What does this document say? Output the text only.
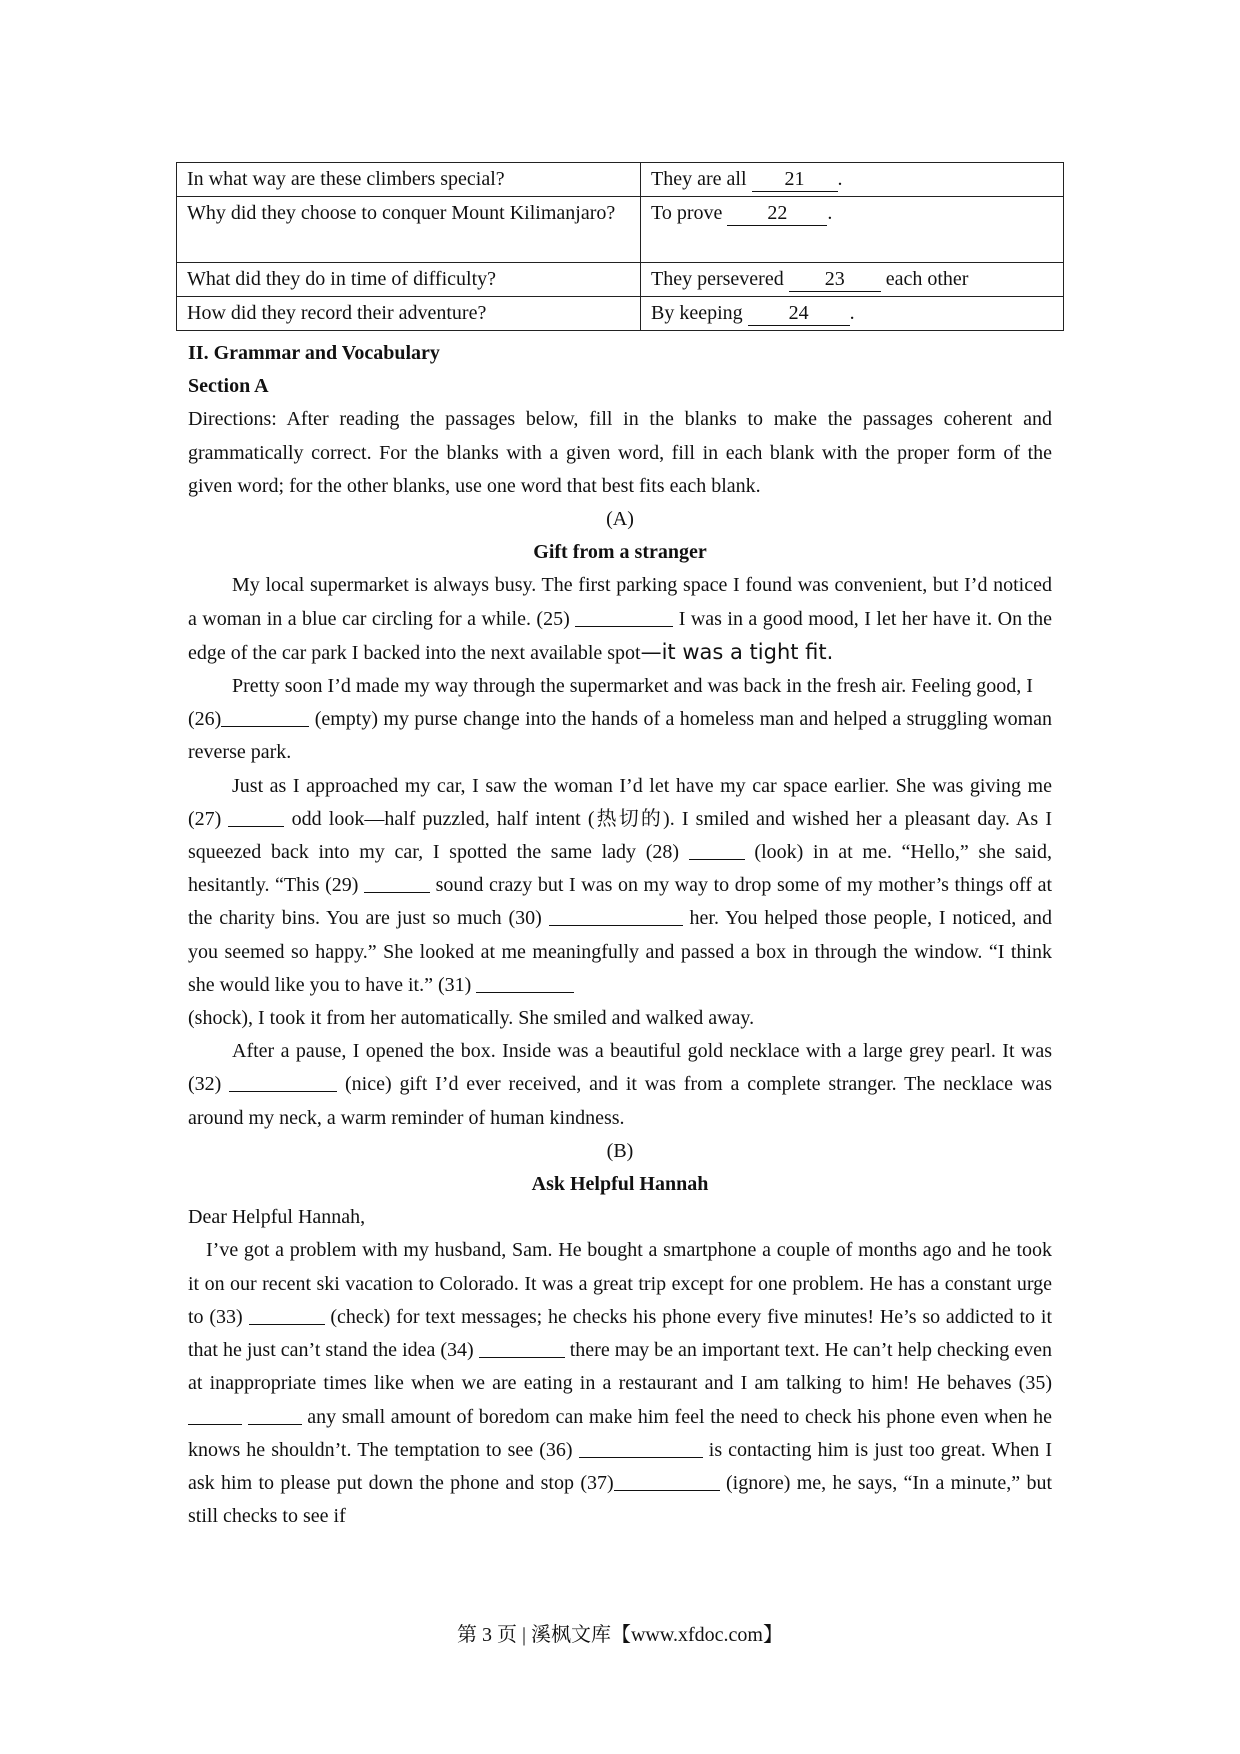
In what way are these climbers special?	They are all 21 .
Why did they choose to conquer Mount Kilimanjaro?	To prove 22 .
What did they do in time of difficulty?	They persevered 23 each other
How did they record their adventure?	By keeping 24 .

II. Grammar and Vocabulary

Section A

Directions: After reading the passages below, fill in the blanks to make the passages coherent and grammatically correct. For the blanks with a given word, fill in each blank with the proper form of the given word; for the other blanks, use one word that best fits each blank.

(A)

Gift from a stranger

My local supermarket is always busy. The first parking space I found was convenient, but I’d noticed a woman in a blue car circling for a while. (25)	I was in a good mood, I let her have it. On the edge of the car park I backed into the next available spot—it was a tight fit.

Pretty soon I’d made my way through the supermarket and was back in the fresh air. Feeling good, I

(26)	(empty) my purse change into the hands of a homeless man and helped a struggling woman reverse park.

Just as I approached my car, I saw the woman I’d let have my car space earlier. She was giving me (27)	odd look—half puzzled, half intent (热切的). I smiled and wished her a pleasant day. As I squeezed back into my car, I spotted the same lady (28)	(look) in at me. “Hello,” she said, hesitantly. “This (29)	sound crazy but I was on my way to drop some of my mother’s things off at the charity bins. You are just so much (30)	her. You helped those people, I noticed, and you seemed so happy.” She looked at me meaningfully and passed a box in through the window. “I think she would like you to have it.” (31)

(shock), I took it from her automatically. She smiled and walked away.

After a pause, I opened the box. Inside was a beautiful gold necklace with a large grey pearl. It was (32)	(nice) gift I’d ever received, and it was from a complete stranger. The necklace was around my neck, a warm reminder of human kindness.

(B)

Ask Helpful Hannah

Dear Helpful Hannah,

I’ve got a problem with my husband, Sam. He bought a smartphone a couple of months ago and he took it on our recent ski vacation to Colorado. It was a great trip except for one problem. He has a constant urge to (33)	(check) for text messages; he checks his phone every five minutes! He’s so addicted to it that he just can’t stand the idea (34)	there may be an important text. He can’t help checking even at inappropriate times like when we are eating in a restaurant and I am talking to him! He behaves (35)   any small amount of boredom can make him feel the need to check his phone even when he knows he shouldn’t. The temptation to see (36)	is contacting him is just too great. When I ask him to please put down the phone and stop (37)	(ignore) me, he says, “In a minute,” but still checks to see if

第 3 页 | 溪枫文库【www.xfdoc.com】
